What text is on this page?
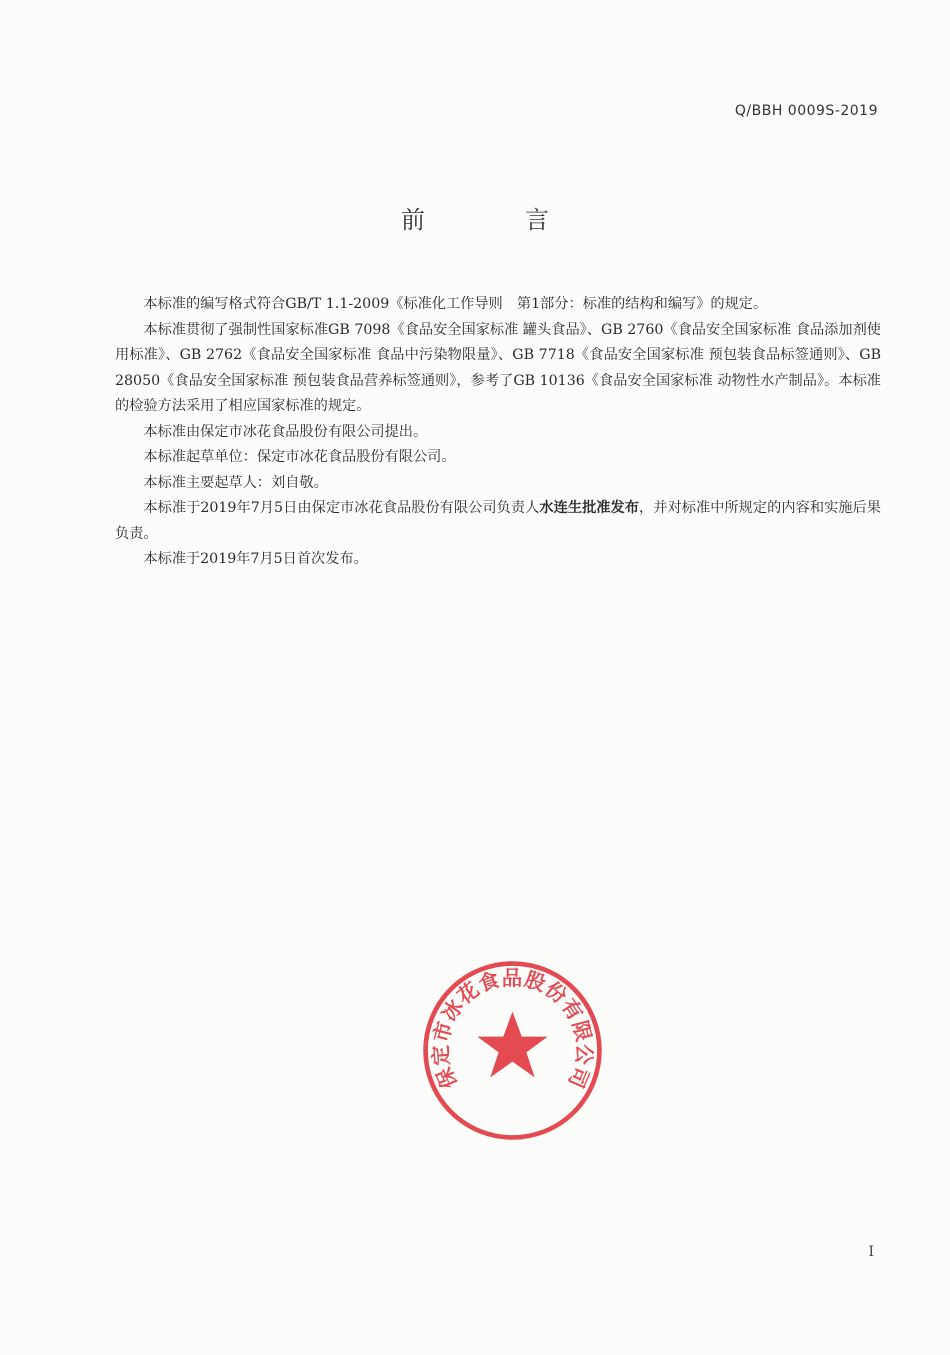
Q/BBH 0009S-2019
前	言

本标准的编写格式符合GB/T 1.1-2009《标准化工作导则　第1部分：标准的结构和编写》的规定。

本标准贯彻了强制性国家标准GB 7098《食品安全国家标准 罐头食品》、GB 2760《食品安全国家标准 食品添加剂使用标准》、GB 2762《食品安全国家标准 食品中污染物限量》、GB 7718《食品安全国家标准 预包装食品标签通则》、GB 28050《食品安全国家标准 预包装食品营养标签通则》，参考了GB 10136《食品安全国家标准 动物性水产制品》。本标准的检验方法采用了相应国家标准的规定。

本标准由保定市冰花食品股份有限公司提出。

本标准起草单位：保定市冰花食品股份有限公司。

本标准主要起草人：刘自敬。

本标准于2019年7月5日由保定市冰花食品股份有限公司负责人水连生批准发布，并对标准中所规定的内容和实施后果负责。

本标准于2019年7月5日首次发布。

保定市冰花食品股份有限公司
I
